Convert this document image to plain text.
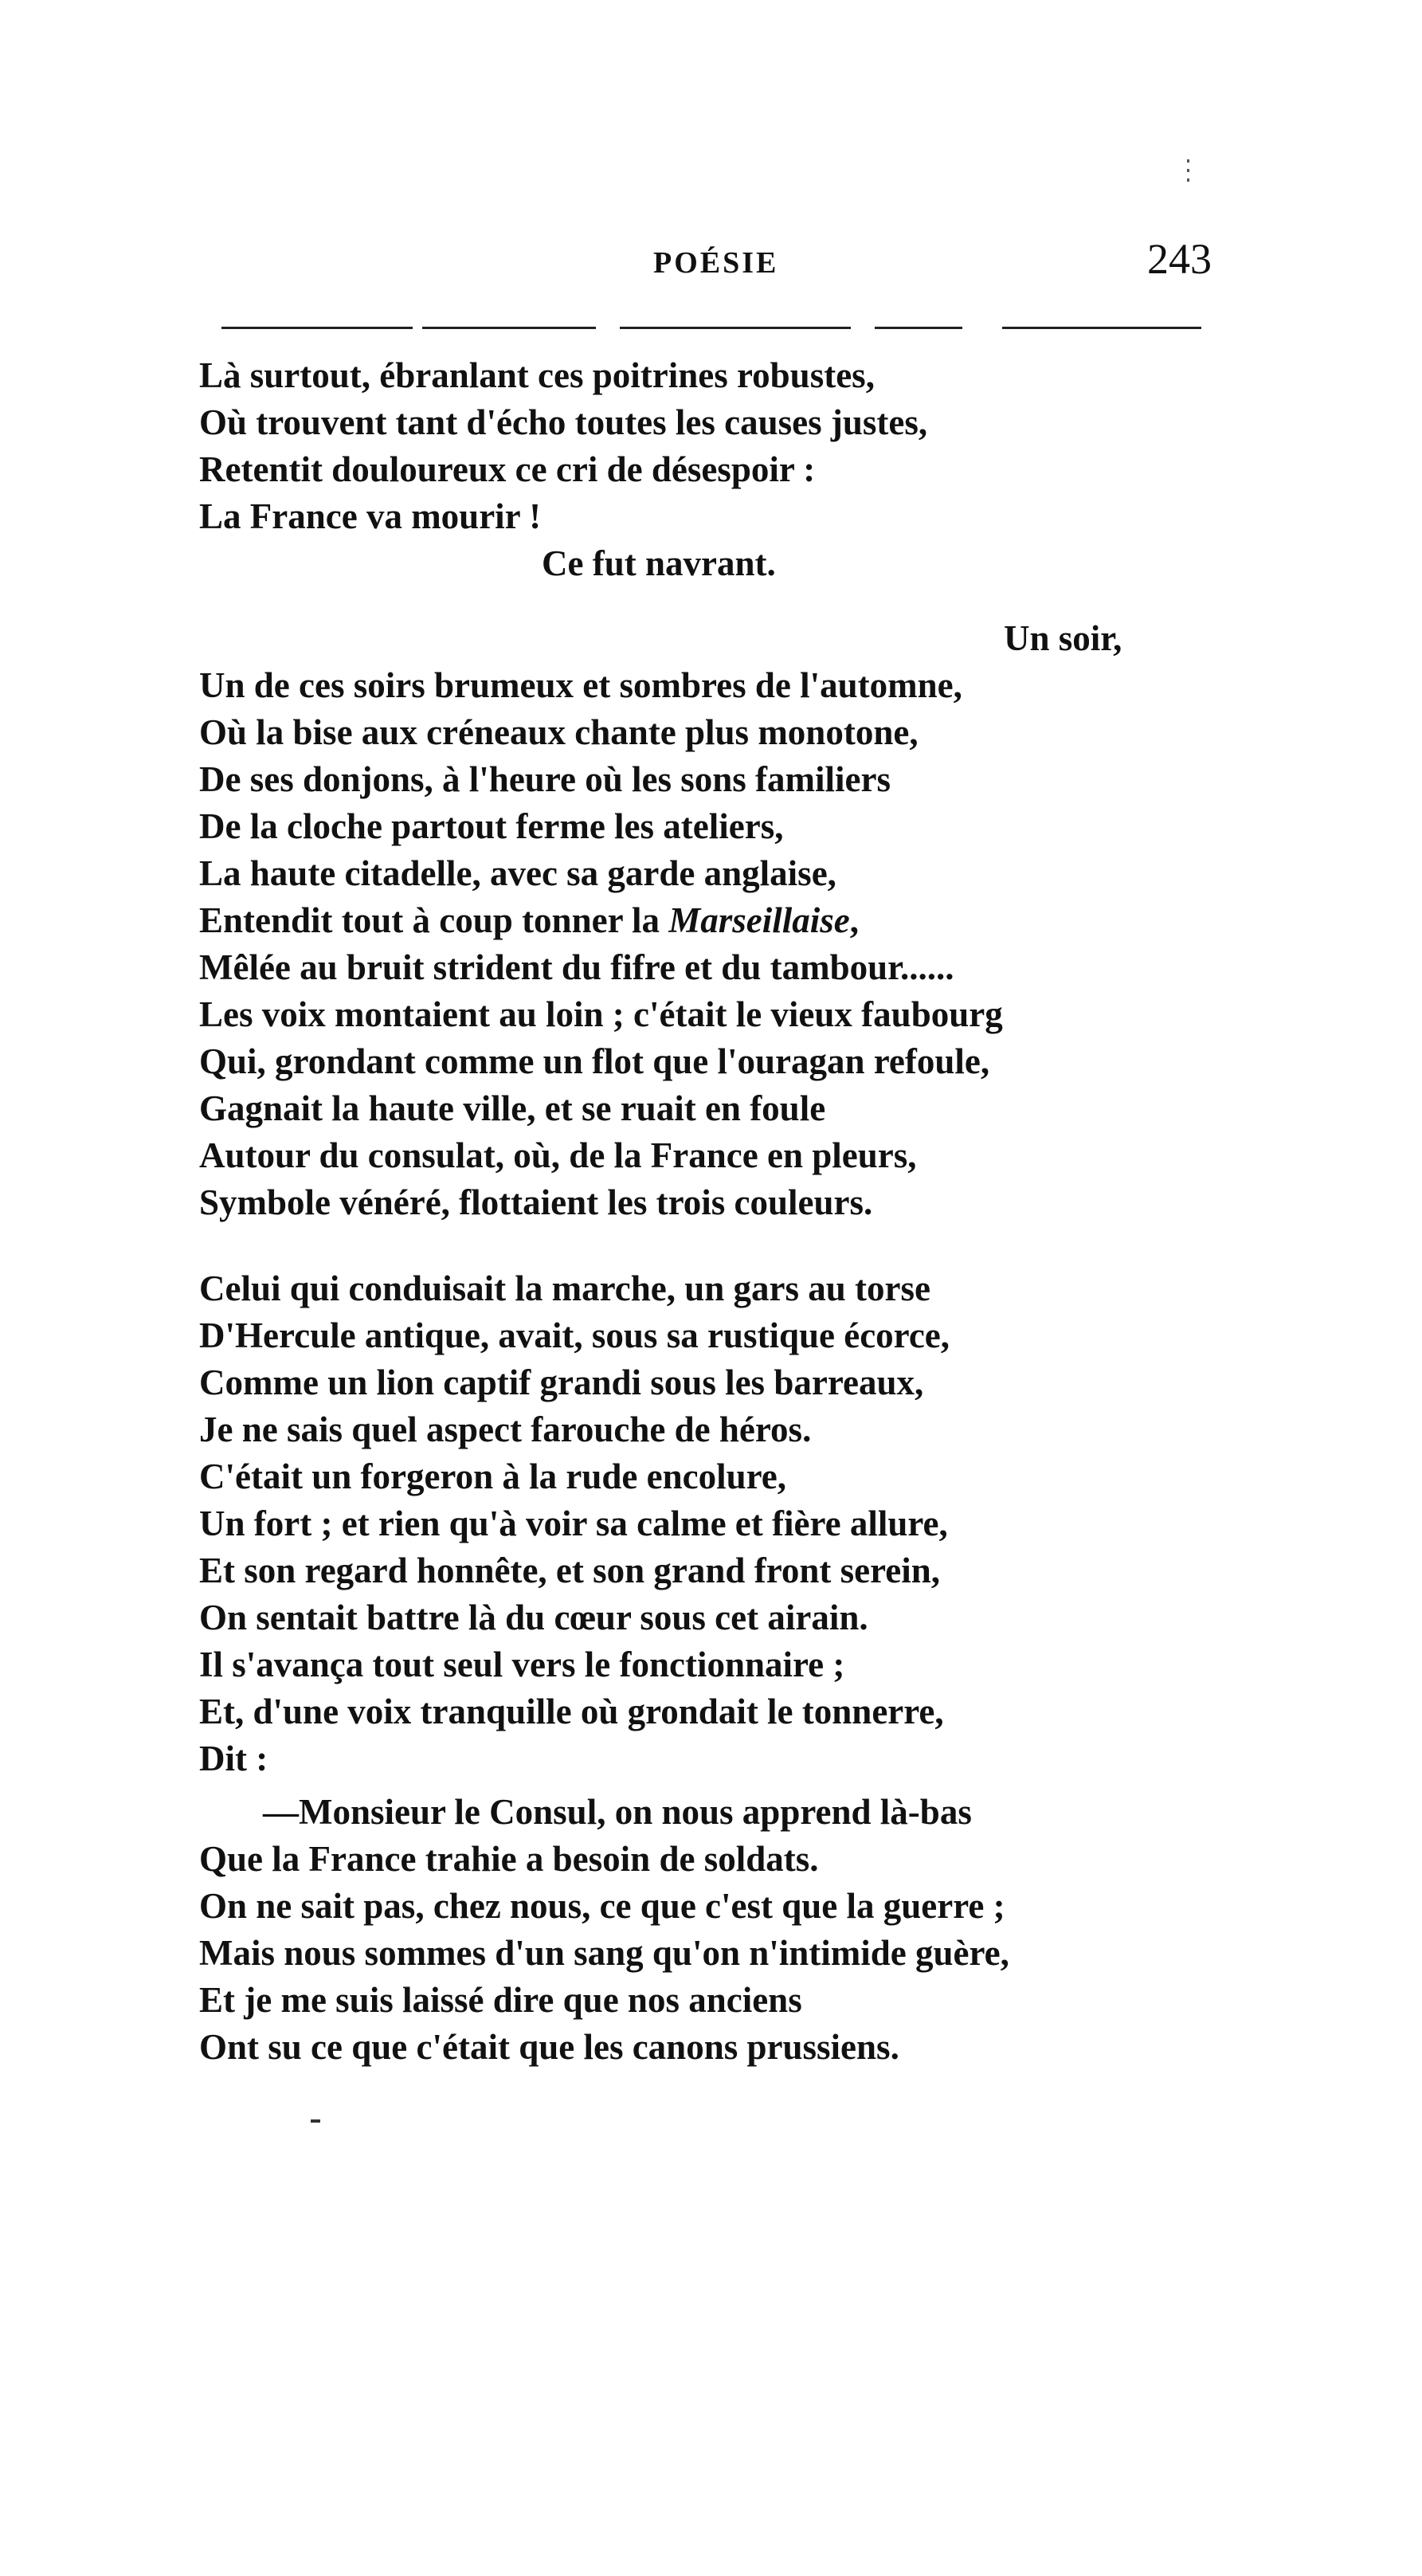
POÉSIE	243
Là surtout, ébranlant ces poitrines robustes,
Où trouvent tant d'écho toutes les causes justes,
Retentit douloureux ce cri de désespoir :
La France va mourir !
Ce fut navrant.
Un soir,
Un de ces soirs brumeux et sombres de l'automne,
Où la bise aux créneaux chante plus monotone,
De ses donjons, à l'heure où les sons familiers
De la cloche partout ferme les ateliers,
La haute citadelle, avec sa garde anglaise,
Entendit tout à coup tonner la Marseillaise,
Mêlée au bruit strident du fifre et du tambour......
Les voix montaient au loin ; c'était le vieux faubourg
Qui, grondant comme un flot que l'ouragan refoule,
Gagnait la haute ville, et se ruait en foule
Autour du consulat, où, de la France en pleurs,
Symbole vénéré, flottaient les trois couleurs.
Celui qui conduisait la marche, un gars au torse
D'Hercule antique, avait, sous sa rustique écorce,
Comme un lion captif grandi sous les barreaux,
Je ne sais quel aspect farouche de héros.
C'était un forgeron à la rude encolure,
Un fort ; et rien qu'à voir sa calme et fière allure,
Et son regard honnête, et son grand front serein,
On sentait battre là du cœur sous cet airain.
Il s'avança tout seul vers le fonctionnaire ;
Et, d'une voix tranquille où grondait le tonnerre,
Dit :
—Monsieur le Consul, on nous apprend là-bas
Que la France trahie a besoin de soldats.
On ne sait pas, chez nous, ce que c'est que la guerre ;
Mais nous sommes d'un sang qu'on n'intimide guère,
Et je me suis laissé dire que nos anciens
Ont su ce que c'était que les canons prussiens.
